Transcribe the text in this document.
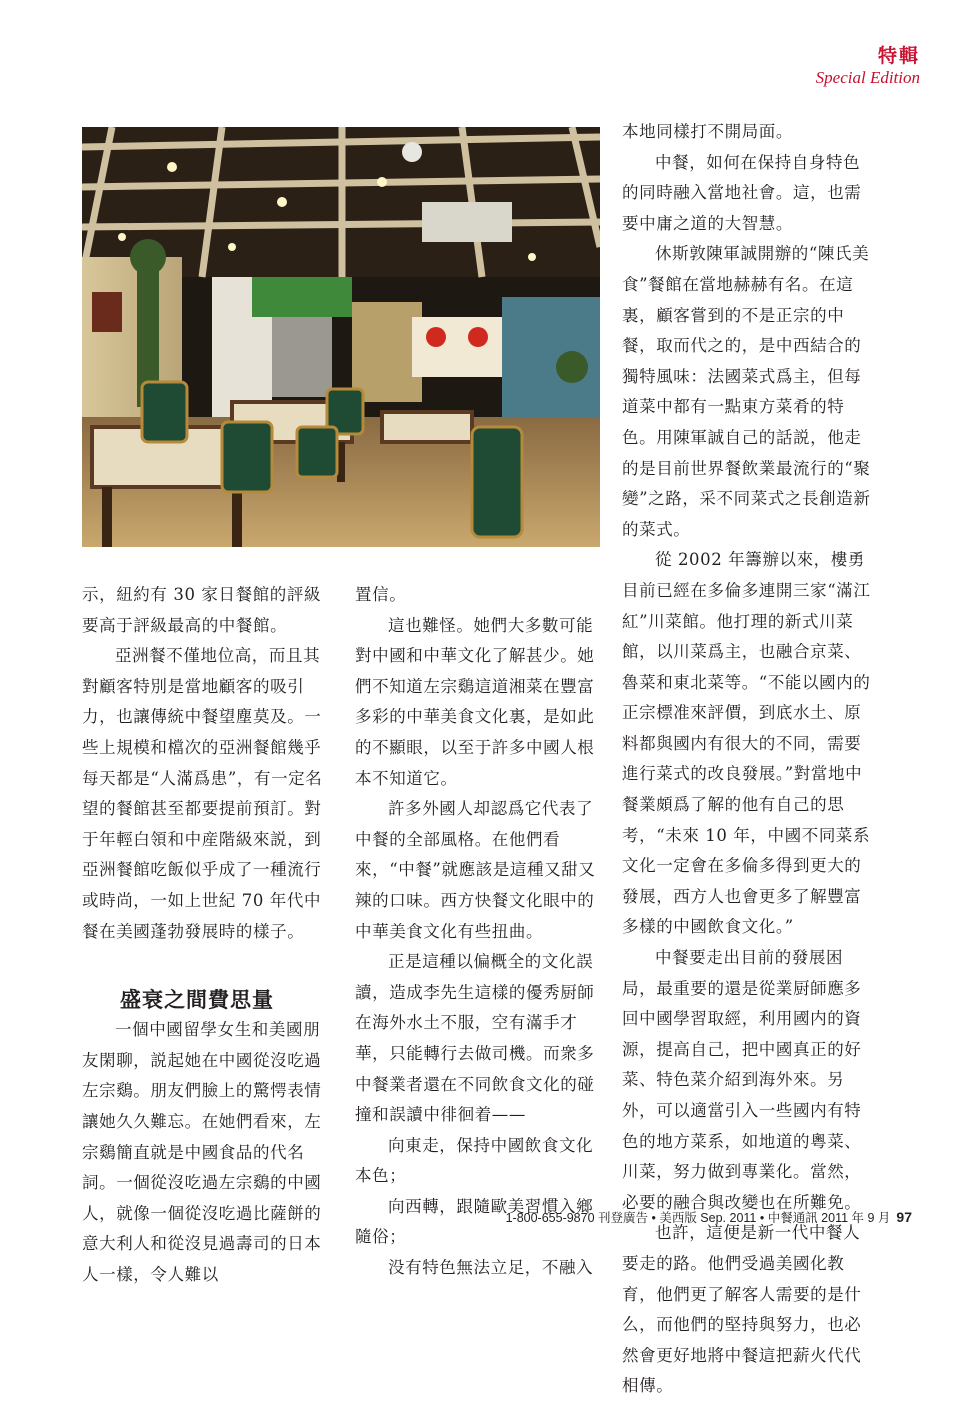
特輯
Special Edition

示，紐約有 30 家日餐館的評級要高于評級最高的中餐館。

亞洲餐不僅地位高，而且其對顧客特別是當地顧客的吸引力，也讓傳統中餐望塵莫及。一些上規模和檔次的亞洲餐館幾乎每天都是“人滿爲患”，有一定名望的餐館甚至都要提前預訂。對于年輕白領和中産階級來説，到亞洲餐館吃飯似乎成了一種流行或時尚，一如上世紀 70 年代中餐在美國蓬勃發展時的樣子。

盛衰之間費思量

一個中國留學女生和美國朋友閑聊，説起她在中國從沒吃過左宗鷄。朋友們臉上的驚愕表情讓她久久難忘。在她們看來，左宗鷄簡直就是中國食品的代名詞。一個從沒吃過左宗鷄的中國人，就像一個從沒吃過比薩餅的意大利人和從沒見過壽司的日本人一樣，令人難以

置信。

這也難怪。她們大多數可能對中國和中華文化了解甚少。她們不知道左宗鷄這道湘菜在豐富多彩的中華美食文化裏，是如此的不顯眼，以至于許多中國人根本不知道它。

許多外國人却認爲它代表了中餐的全部風格。在他們看來，“中餐”就應該是這種又甜又辣的口味。西方快餐文化眼中的中華美食文化有些扭曲。

正是這種以偏概全的文化誤讀，造成李先生這樣的優秀厨師在海外水土不服，空有滿手才華，只能轉行去做司機。而衆多中餐業者還在不同飲食文化的碰撞和誤讀中徘徊着——

向東走，保持中國飲食文化本色；

向西轉，跟隨歐美習慣入鄉隨俗；

没有特色無法立足，不融入

本地同樣打不開局面。

中餐，如何在保持自身特色的同時融入當地社會。這，也需要中庸之道的大智慧。

休斯敦陳軍誠開辦的“陳氏美食”餐館在當地赫赫有名。在這裏，顧客嘗到的不是正宗的中餐，取而代之的，是中西結合的獨特風味：法國菜式爲主，但每道菜中都有一點東方菜肴的特色。用陳軍誠自己的話説，他走的是目前世界餐飲業最流行的“聚變”之路，采不同菜式之長創造新的菜式。

從 2002 年籌辦以來，樓勇目前已經在多倫多連開三家“滿江紅”川菜館。他打理的新式川菜館，以川菜爲主，也融合京菜、魯菜和東北菜等。“不能以國内的正宗標准來評價，到底水土、原料都與國内有很大的不同，需要進行菜式的改良發展。”對當地中餐業頗爲了解的他有自己的思考，“未來 10 年，中國不同菜系文化一定會在多倫多得到更大的發展，西方人也會更多了解豐富多樣的中國飲食文化。”

中餐要走出目前的發展困局，最重要的還是從業厨師應多回中國學習取經，利用國内的資源，提高自己，把中國真正的好菜、特色菜介紹到海外來。另外，可以適當引入一些國内有特色的地方菜系，如地道的粵菜、川菜，努力做到專業化。當然，必要的融合與改變也在所難免。

也許，這便是新一代中餐人要走的路。他們受過美國化教育，他們更了解客人需要的是什么，而他們的堅持與努力，也必然會更好地將中餐這把薪火代代相傳。

1-800-655-9870 刊登廣告 • 美西版 Sep. 2011 • 中餐通訊 2011 年 9 月 97
